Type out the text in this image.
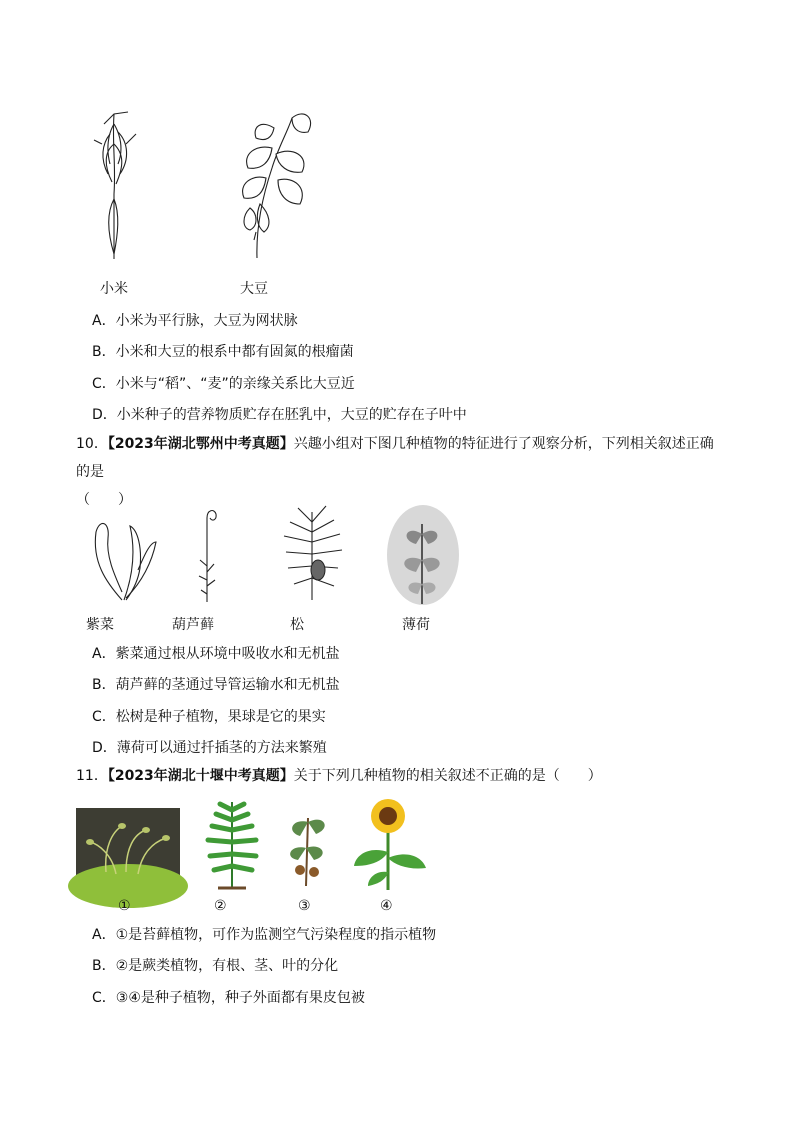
小米	大豆
A．小米为平行脉，大豆为网状脉
B．小米和大豆的根系中都有固氮的根瘤菌
C．小米与“稻”、“麦”的亲缘关系比大豆近
D．小米种子的营养物质贮存在胚乳中，大豆的贮存在子叶中
10．【2023年湖北鄂州中考真题】兴趣小组对下图几种植物的特征进行了观察分析，下列相关叙述正确的是
（　　）
紫菜	葫芦藓	松	薄荷
A．紫菜通过根从环境中吸收水和无机盐
B．葫芦藓的茎通过导管运输水和无机盐
C．松树是种子植物，果球是它的果实
D．薄荷可以通过扦插茎的方法来繁殖
11．【2023年湖北十堰中考真题】关于下列几种植物的相关叙述不正确的是（　　）
①	②	③	④
A．①是苔藓植物，可作为监测空气污染程度的指示植物
B．②是蕨类植物，有根、茎、叶的分化
C．③④是种子植物，种子外面都有果皮包被
